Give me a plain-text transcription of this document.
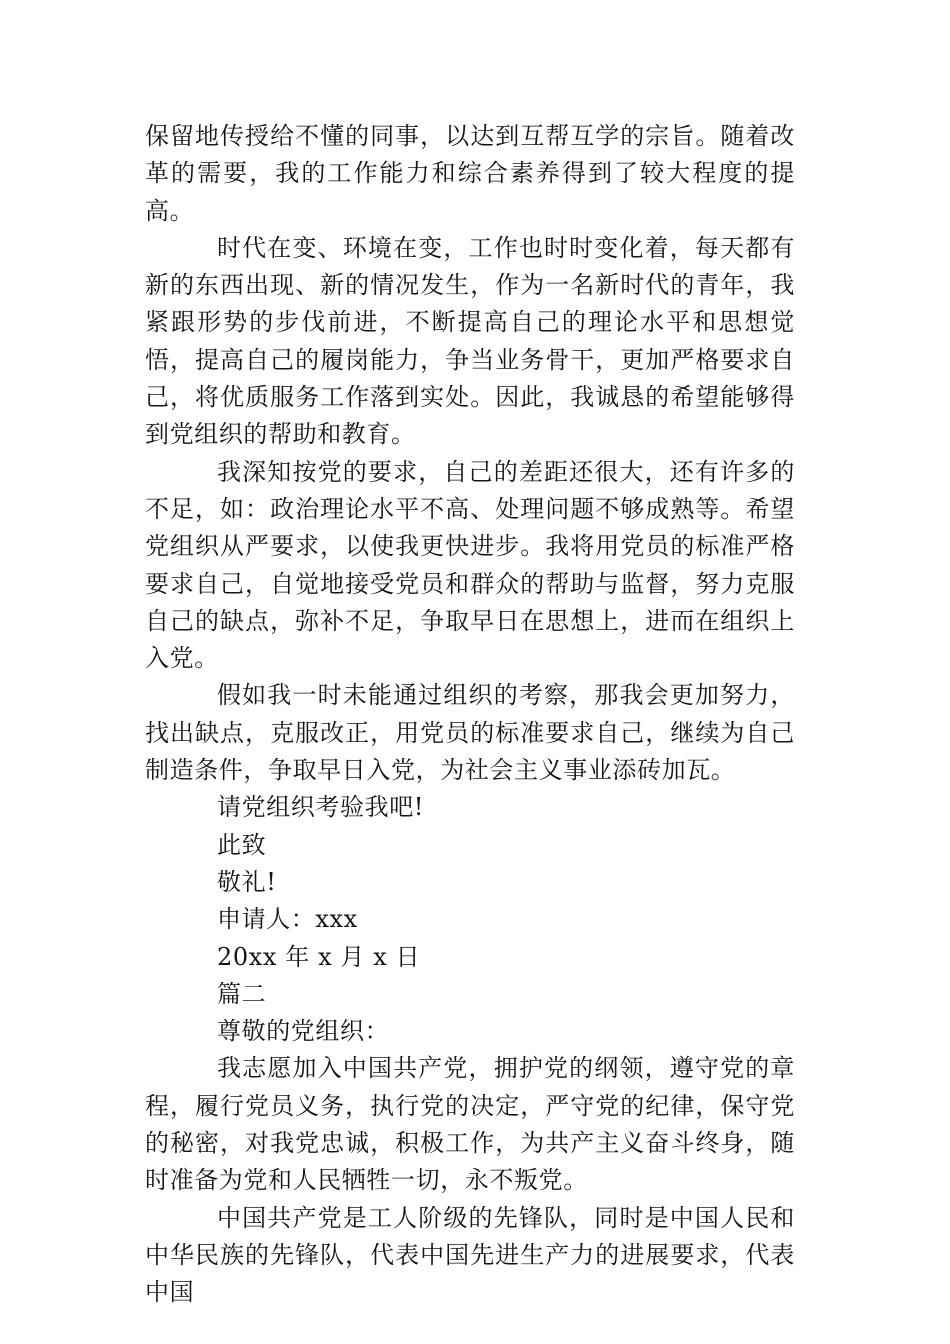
保留地传授给不懂的同事，以达到互帮互学的宗旨。随着改革的需要，我的工作能力和综合素养得到了较大程度的提高。

时代在变、环境在变，工作也时时变化着，每天都有新的东西出现、新的情况发生，作为一名新时代的青年，我紧跟形势的步伐前进，不断提高自己的理论水平和思想觉悟，提高自己的履岗能力，争当业务骨干，更加严格要求自己，将优质服务工作落到实处。因此，我诚恳的希望能够得到党组织的帮助和教育。

我深知按党的要求，自己的差距还很大，还有许多的不足，如：政治理论水平不高、处理问题不够成熟等。希望党组织从严要求，以使我更快进步。我将用党员的标准严格要求自己，自觉地接受党员和群众的帮助与监督，努力克服自己的缺点，弥补不足，争取早日在思想上，进而在组织上入党。

假如我一时未能通过组织的考察，那我会更加努力，找出缺点，克服改正，用党员的标准要求自己，继续为自己制造条件，争取早日入党，为社会主义事业添砖加瓦。

请党组织考验我吧!

此致

敬礼!

申请人：xxx

20xx 年 x 月 x 日

篇二

尊敬的党组织：

我志愿加入中国共产党，拥护党的纲领，遵守党的章程，履行党员义务，执行党的决定，严守党的纪律，保守党的秘密，对我党忠诚，积极工作，为共产主义奋斗终身，随时准备为党和人民牺牲一切，永不叛党。

中国共产党是工人阶级的先锋队，同时是中国人民和中华民族的先锋队，代表中国先进生产力的进展要求，代表中国
